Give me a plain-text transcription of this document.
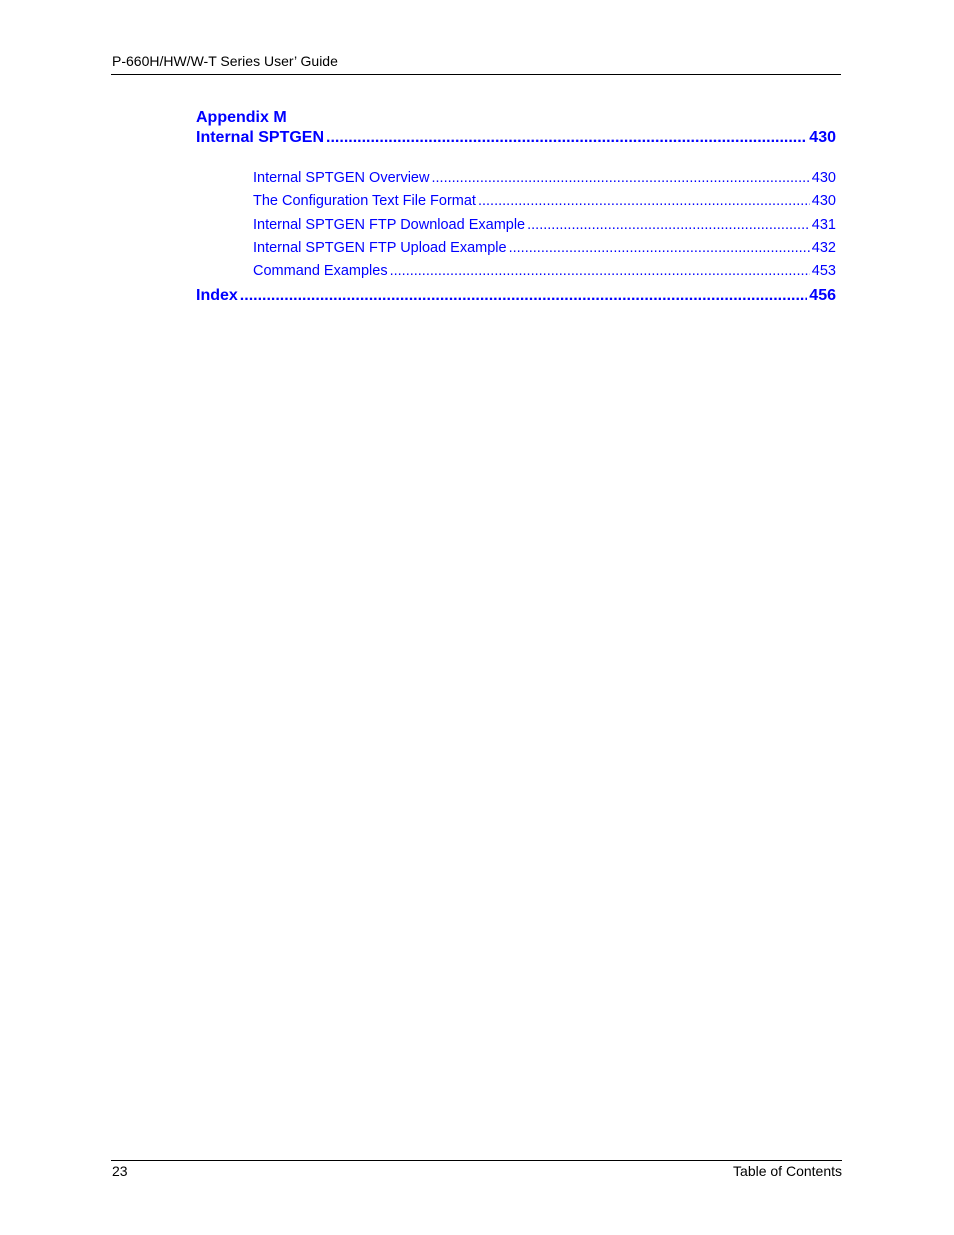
P-660H/HW/W-T Series User’ Guide
Appendix M
Internal SPTGEN .....	430
Internal SPTGEN Overview .....	430
The Configuration Text File Format .....	430
Internal SPTGEN FTP Download Example .....	431
Internal SPTGEN FTP Upload Example .....	432
Command Examples .....	453
Index .....	456
23	Table of Contents
